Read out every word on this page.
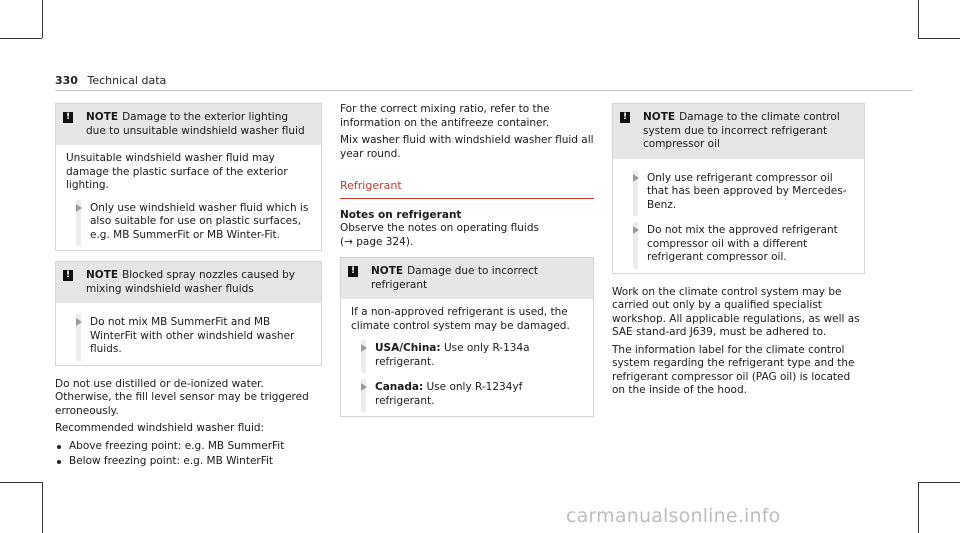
330 Technical data
! NOTE Damage to the exterior lighting due to unsuitable windshield washer fluid

Unsuitable windshield washer fluid may damage the plastic surface of the exterior lighting.

Only use windshield washer fluid which is also suitable for use on plastic surfaces, e.g. MB SummerFit or MB Winter-Fit.
! NOTE Blocked spray nozzles caused by mixing windshield washer fluids
Do not mix MB SummerFit and MB WinterFit with other windshield washer fluids.

Do not use distilled or de-ionized water. Otherwise, the fill level sensor may be triggered erroneously.

Recommended windshield washer fluid:

Above freezing point: e.g. MB SummerFit
Below freezing point: e.g. MB WinterFit

For the correct mixing ratio, refer to the information on the antifreeze container.

Mix washer fluid with windshield washer fluid all year round.

Refrigerant

Notes on refrigerant

Observe the notes on operating fluids
(→ page 324).

! NOTE Damage due to incorrect refrigerant

If a non-approved refrigerant is used, the climate control system may be damaged.

USA/China: Use only R-134a refrigerant.
Canada: Use only R-1234yf refrigerant.
! NOTE Damage to the climate control system due to incorrect refrigerant compressor oil
Only use refrigerant compressor oil that has been approved by Mercedes-Benz.
Do not mix the approved refrigerant compressor oil with a different refrigerant compressor oil.

Work on the climate control system may be carried out only by a qualified specialist workshop. All applicable regulations, as well as SAE stand-ard J639, must be adhered to.

The information label for the climate control system regarding the refrigerant type and the refrigerant compressor oil (PAG oil) is located on the inside of the hood.

carmanualsonline.info
